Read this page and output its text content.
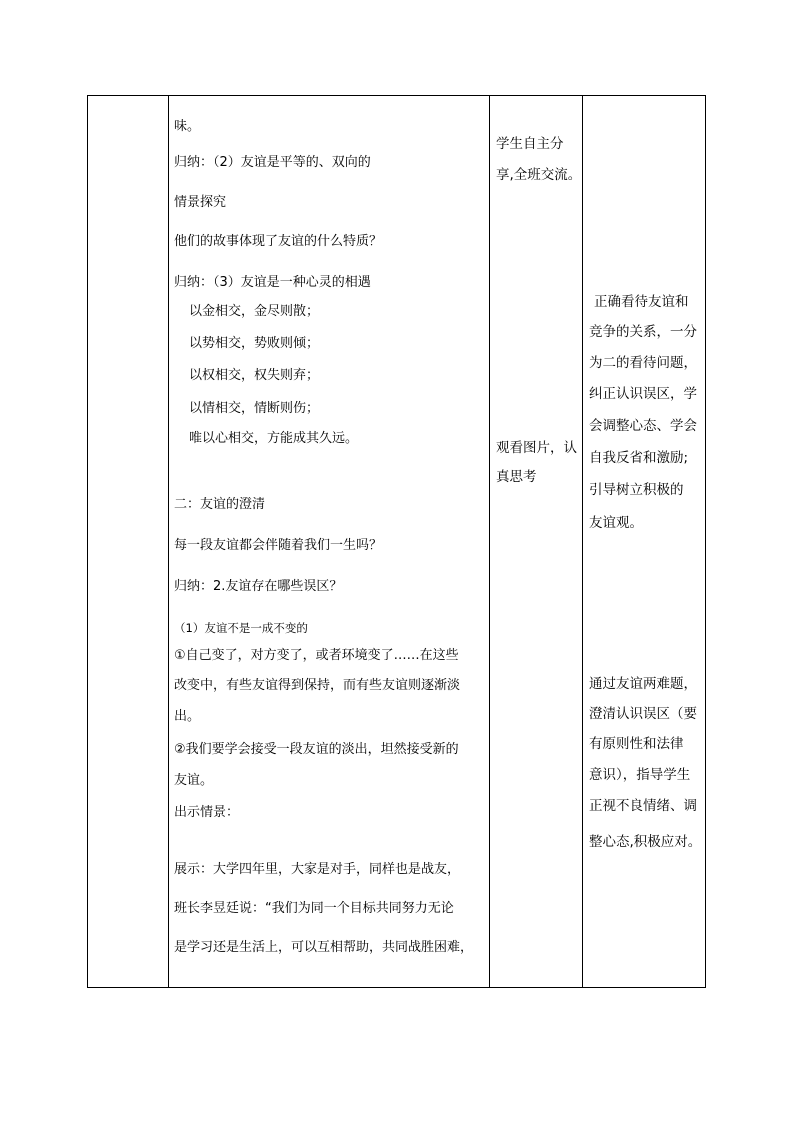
味。
归纳：（2）友谊是平等的、双向的
情景探究
他们的故事体现了友谊的什么特质？
归纳：（3）友谊是一种心灵的相遇
以金相交，金尽则散；
以势相交，势败则倾；
以权相交，权失则弃；
以情相交，情断则伤；
唯以心相交，方能成其久远。
二：友谊的澄清
每一段友谊都会伴随着我们一生吗？
归纳：2.友谊存在哪些误区？
（1）友谊不是一成不变的
①自己变了，对方变了，或者环境变了……在这些
改变中，有些友谊得到保持，而有些友谊则逐渐淡
出。
②我们要学会接受一段友谊的淡出，坦然接受新的
友谊。
出示情景：
展示：大学四年里，大家是对手，同样也是战友，
班长李昱廷说：“我们为同一个目标共同努力无论
是学习还是生活上，可以互相帮助，共同战胜困难，
学生自主分
享,全班交流。
观看图片，认
真思考
正确看待友谊和
竞争的关系，一分
为二的看待问题，
纠正认识误区，学
会调整心态、学会
自我反省和激励;
引导树立积极的
友谊观。
通过友谊两难题，
澄清认识误区（要
有原则性和法律
意识），指导学生
正视不良情绪、调
整心态,积极应对。
